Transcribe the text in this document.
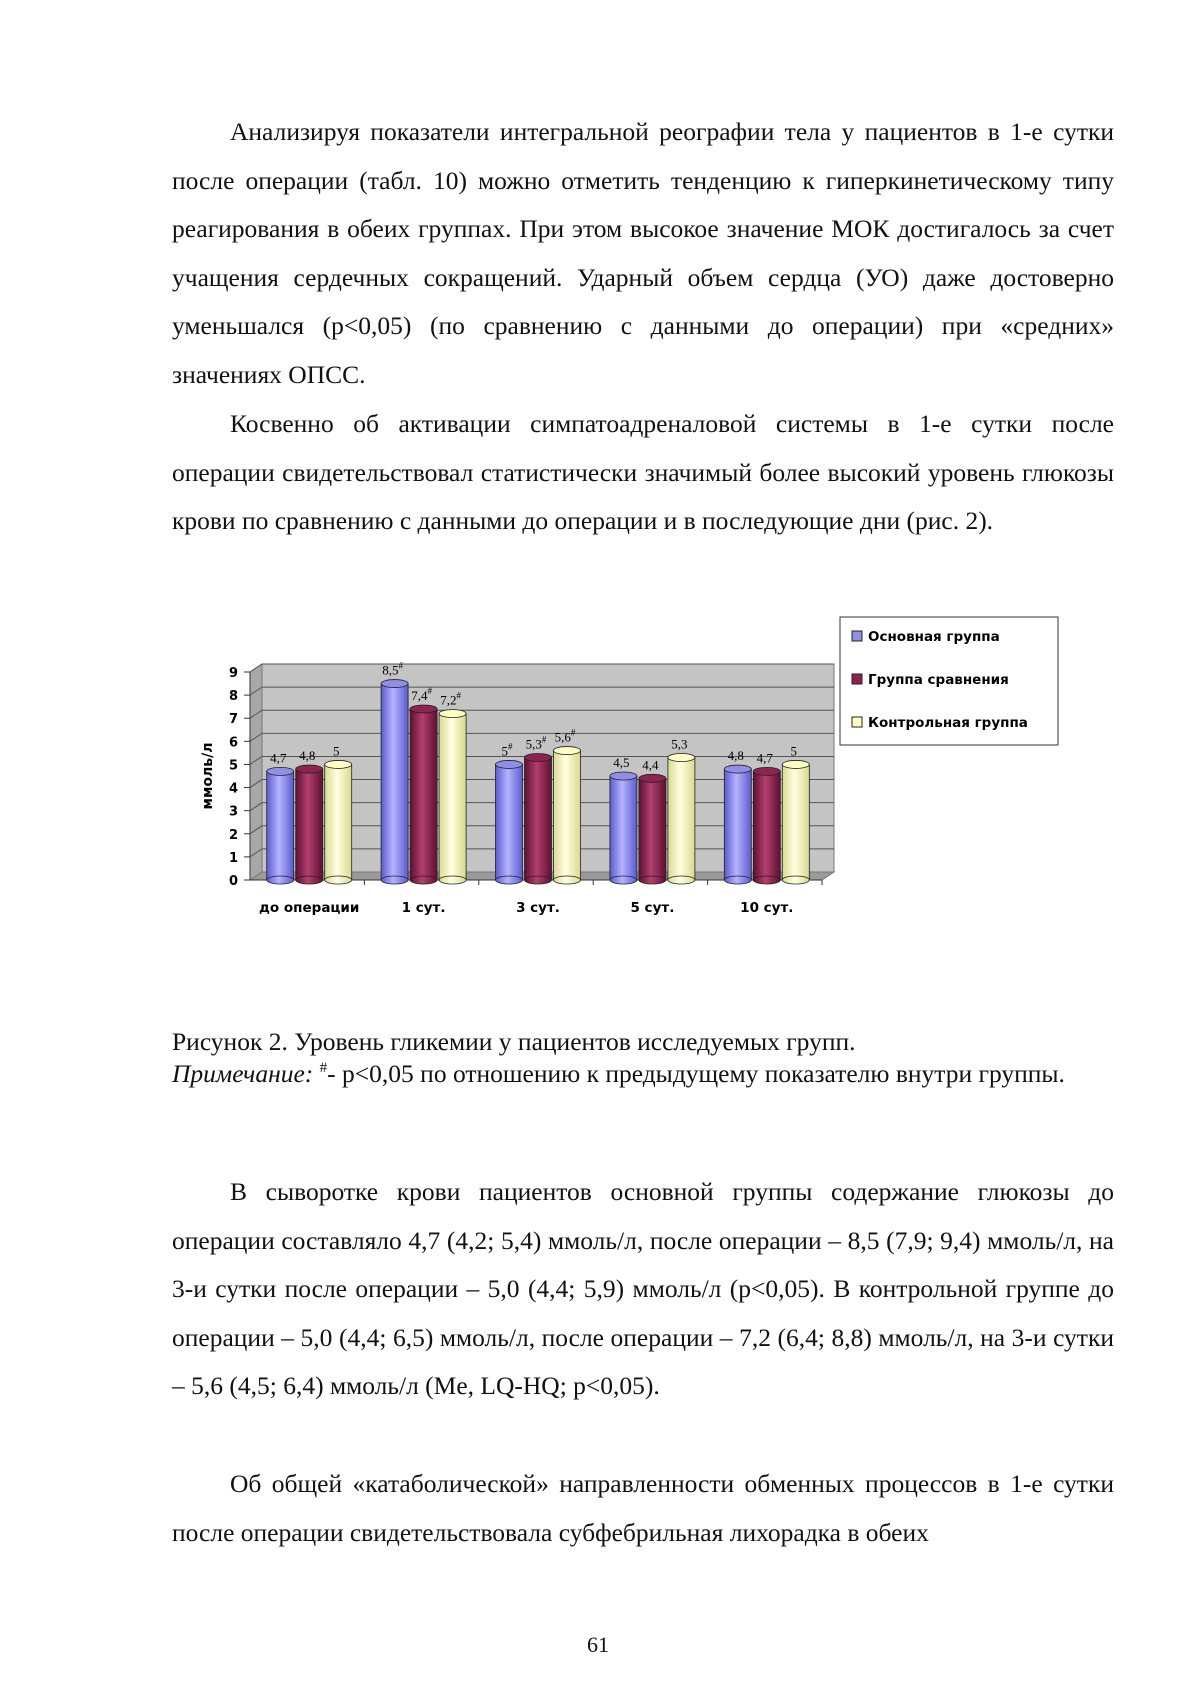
Анализируя показатели интегральной реографии тела у пациентов в 1-е сутки после операции (табл. 10) можно отметить тенденцию к гиперкинетическому типу реагирования в обеих группах. При этом высокое значение МОК достигалось за счет учащения сердечных сокращений. Ударный объем сердца (УО) даже достоверно уменьшался (р<0,05) (по сравнению с данными до операции) при «средних» значениях ОПСС.

Косвенно об активации симпатоадреналовой системы в 1-е сутки после операции свидетельствовал статистически значимый более высокий уровень глюкозы крови по сравнению с данными до операции и в последующие дни (рис. 2).

0
1
2
3
4
5
6
7
8
9
ммоль/л
до операции
4,7 4,8 5
1 сут.
8,5#
7,4#
7,2#
3 сут.
5# 5,3# 5,6#
5 сут.
4,5 4,4
5,3
10 сут.
4,8 4,7 5
Основная группа
Группа сравнения
Контрольная группа

Рисунок 2. Уровень гликемии у пациентов исследуемых групп.

Примечание: #- р<0,05 по отношению к предыдущему показателю внутри группы.

В сыворотке крови пациентов основной группы содержание глюкозы до операции составляло 4,7 (4,2; 5,4) ммоль/л, после операции – 8,5 (7,9; 9,4) ммоль/л, на 3-и сутки после операции – 5,0 (4,4; 5,9) ммоль/л (р<0,05). В контрольной группе до операции – 5,0 (4,4; 6,5) ммоль/л, после операции – 7,2 (6,4; 8,8) ммоль/л, на 3-и сутки – 5,6 (4,5; 6,4) ммоль/л (Me, LQ-HQ; р<0,05).

Об общей «катаболической» направленности обменных процессов в 1-е сутки после операции свидетельствовала субфебрильная лихорадка в обеих

61
